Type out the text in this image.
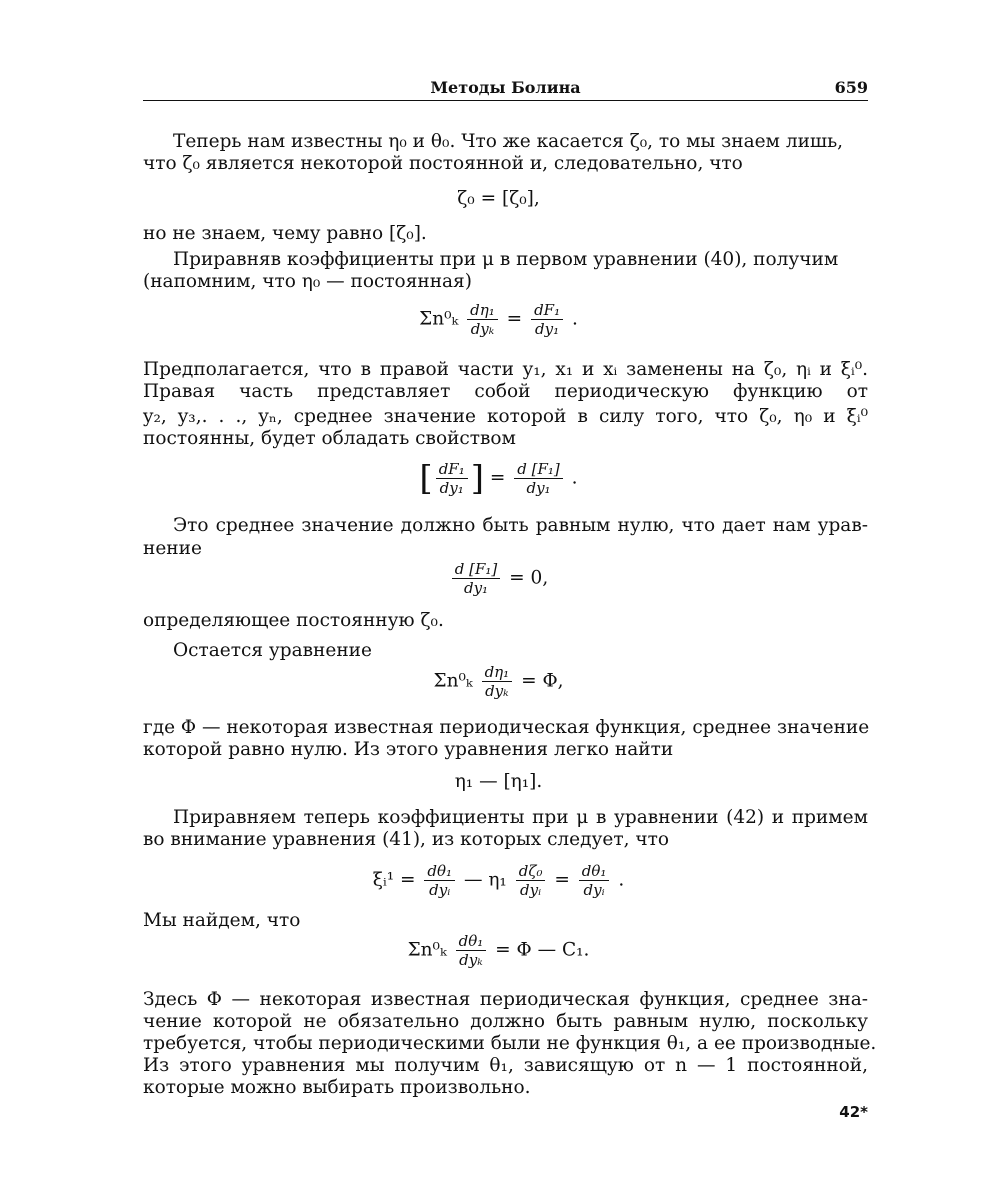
Методы Болина	659
Теперь нам известны η₀ и θ₀. Что же касается ζ₀, то мы знаем лишь,
что ζ₀ является некоторой постоянной и, следовательно, что
ζ₀ = [ζ₀],
но не знаем, чему равно [ζ₀].
Приравняв коэффициенты при μ в первом уравнении (40), получим
(напомним, что η₀ — постоянная)
$\Sigma n^0_k \frac{\text{dη₁}}{\text{dyₖ}} = \frac{\text{dF₁}}{\text{dy₁}}$ .
Предполагается, что в правой части y₁, x₁ и xᵢ заменены на ζ₀, ηᵢ и ξᵢ⁰.
Правая часть представляет собой периодическую функцию от
y₂, y₃,. . ., yₙ, среднее значение которой в силу того, что ζ₀, η₀ и ξᵢ⁰
постоянны, будет обладать свойством
[ $\frac{\text{dF₁}}{\text{dy₁}}$ ] = $\frac{\text{d [F₁]}}{\text{dy₁}}$ .
Это среднее значение должно быть равным нулю, что дает нам урав-
нение
$\frac{\text{d [F₁]}}{\text{dy₁}} = 0$,
определяющее постоянную ζ₀.
Остается уравнение
$\Sigma n^0_k \frac{\text{dη₁}}{\text{dyₖ}} = \Phi$,
где Φ — некоторая известная периодическая функция, среднее значение
которой равно нулю. Из этого уравнения легко найти
η₁ — [η₁].
Приравняем теперь коэффициенты при μ в уравнении (42) и примем
во внимание уравнения (41), из которых следует, что
ξᵢ¹ = $\frac{\text{dθ₁}}{\text{dyᵢ}}$ — $\eta_1 \frac{\text{dζ₀}}{\text{dyᵢ}} = \frac{\text{dθ₁}}{\text{dyᵢ}}$ .
Мы найдем, что
$\Sigma n^0_k \frac{\text{dθ₁}}{\text{dyₖ}} = \Phi$ — C₁.
Здесь Φ — некоторая известная периодическая функция, среднее зна-
чение которой не обязательно должно быть равным нулю, поскольку
требуется, чтобы периодическими были не функция θ₁, а ее производные.
Из этого уравнения мы получим θ₁, зависящую от n — 1 постоянной,
которые можно выбирать произвольно.
42*
